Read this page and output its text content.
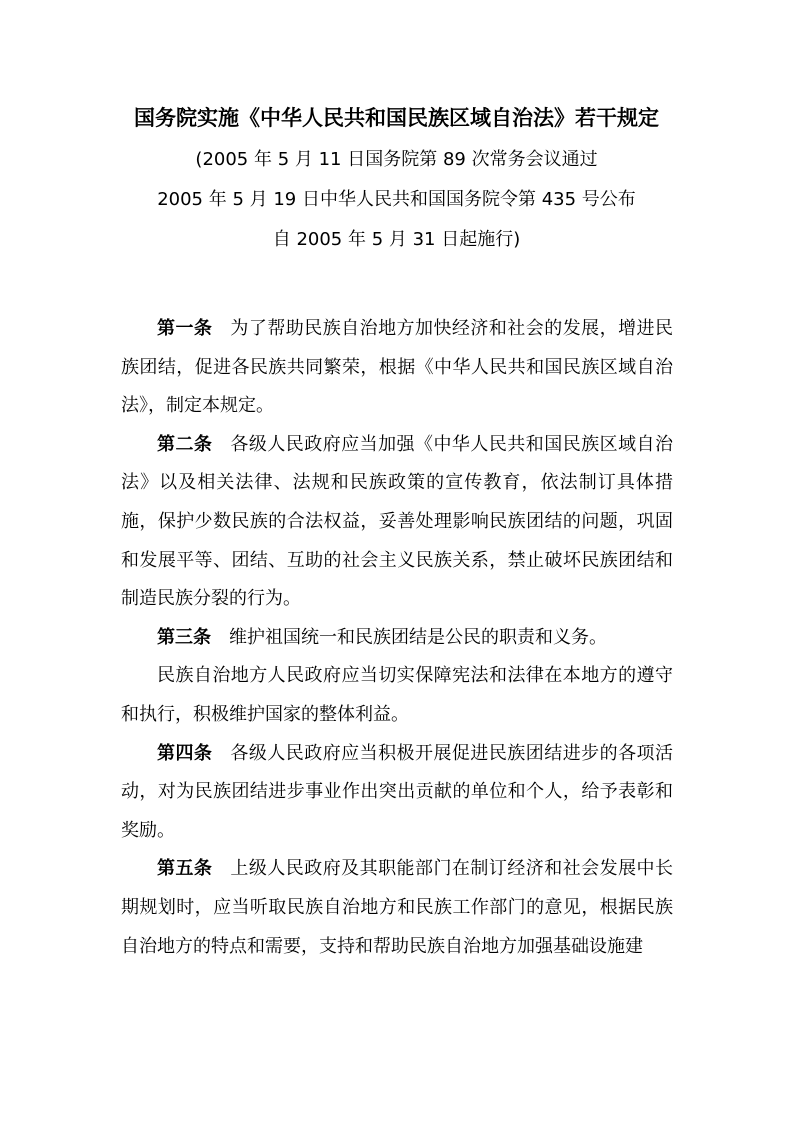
国务院实施《中华人民共和国民族区域自治法》若干规定
(2005 年 5 月 11 日国务院第 89 次常务会议通过
2005 年 5 月 19 日中华人民共和国国务院令第 435 号公布
自 2005 年 5 月 31 日起施行)

第一条 为了帮助民族自治地方加快经济和社会的发展，增进民族团结，促进各民族共同繁荣，根据《中华人民共和国民族区域自治法》，制定本规定。

第二条 各级人民政府应当加强《中华人民共和国民族区域自治法》以及相关法律、法规和民族政策的宣传教育，依法制订具体措施，保护少数民族的合法权益，妥善处理影响民族团结的问题，巩固和发展平等、团结、互助的社会主义民族关系，禁止破坏民族团结和制造民族分裂的行为。

第三条 维护祖国统一和民族团结是公民的职责和义务。

民族自治地方人民政府应当切实保障宪法和法律在本地方的遵守和执行，积极维护国家的整体利益。

第四条 各级人民政府应当积极开展促进民族团结进步的各项活动，对为民族团结进步事业作出突出贡献的单位和个人，给予表彰和奖励。

第五条 上级人民政府及其职能部门在制订经济和社会发展中长期规划时，应当听取民族自治地方和民族工作部门的意见，根据民族自治地方的特点和需要，支持和帮助民族自治地方加强基础设施建
